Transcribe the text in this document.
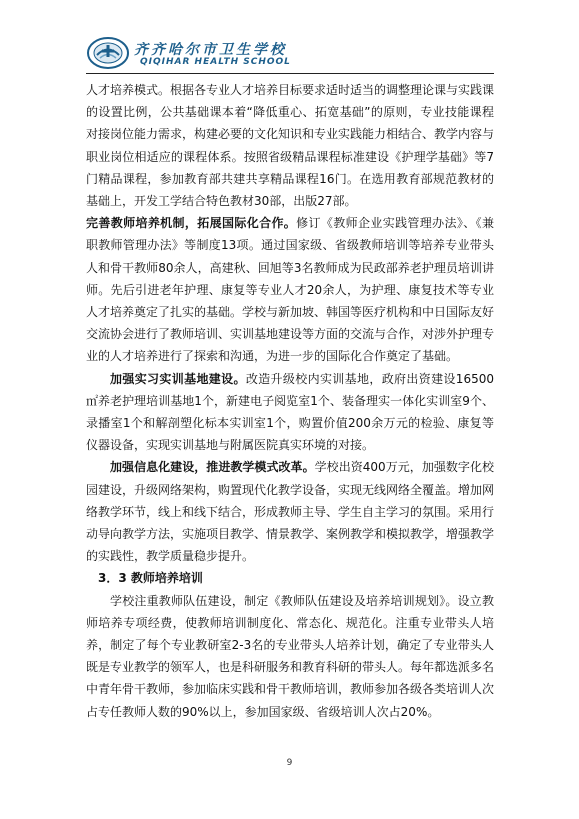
齐齐哈尔市卫生学校
QIQIHAR HEALTH SCHOOL

人才培养模式。根据各专业人才培养目标要求适时适当的调整理论课与实践课的设置比例，公共基础课本着“降低重心、拓宽基础”的原则，专业技能课程对接岗位能力需求，构建必要的文化知识和专业实践能力相结合、教学内容与职业岗位相适应的课程体系。按照省级精品课程标准建设《护理学基础》等7门精品课程，参加教育部共建共享精品课程16门。在选用教育部规范教材的基础上，开发工学结合特色教材30部，出版27部。

完善教师培养机制，拓展国际化合作。修订《教师企业实践管理办法》、《兼职教师管理办法》等制度13项。通过国家级、省级教师培训等培养专业带头人和骨干教师80余人，高建秋、回旭等3名教师成为民政部养老护理员培训讲师。先后引进老年护理、康复等专业人才20余人，为护理、康复技术等专业人才培养奠定了扎实的基础。学校与新加坡、韩国等医疗机构和中日国际友好交流协会进行了教师培训、实训基地建设等方面的交流与合作，对涉外护理专业的人才培养进行了探索和沟通，为进一步的国际化合作奠定了基础。

加强实习实训基地建设。改造升级校内实训基地，政府出资建设16500㎡养老护理培训基地1个，新建电子阅览室1个、装备理实一体化实训室9个、录播室1个和解剖塑化标本实训室1个，购置价值200余万元的检验、康复等仪器设备，实现实训基地与附属医院真实环境的对接。

加强信息化建设，推进教学模式改革。学校出资400万元，加强数字化校园建设，升级网络架构，购置现代化教学设备，实现无线网络全覆盖。增加网络教学环节，线上和线下结合，形成教师主导、学生自主学习的氛围。采用行动导向教学方法，实施项目教学、情景教学、案例教学和模拟教学，增强教学的实践性，教学质量稳步提升。

3．3 教师培养培训

学校注重教师队伍建设，制定《教师队伍建设及培养培训规划》。设立教师培养专项经费，使教师培训制度化、常态化、规范化。注重专业带头人培养，制定了每个专业教研室2-3名的专业带头人培养计划，确定了专业带头人既是专业教学的领军人，也是科研服务和教育科研的带头人。每年都选派多名中青年骨干教师，参加临床实践和骨干教师培训，教师参加各级各类培训人次占专任教师人数的90%以上，参加国家级、省级培训人次占20%。

9
